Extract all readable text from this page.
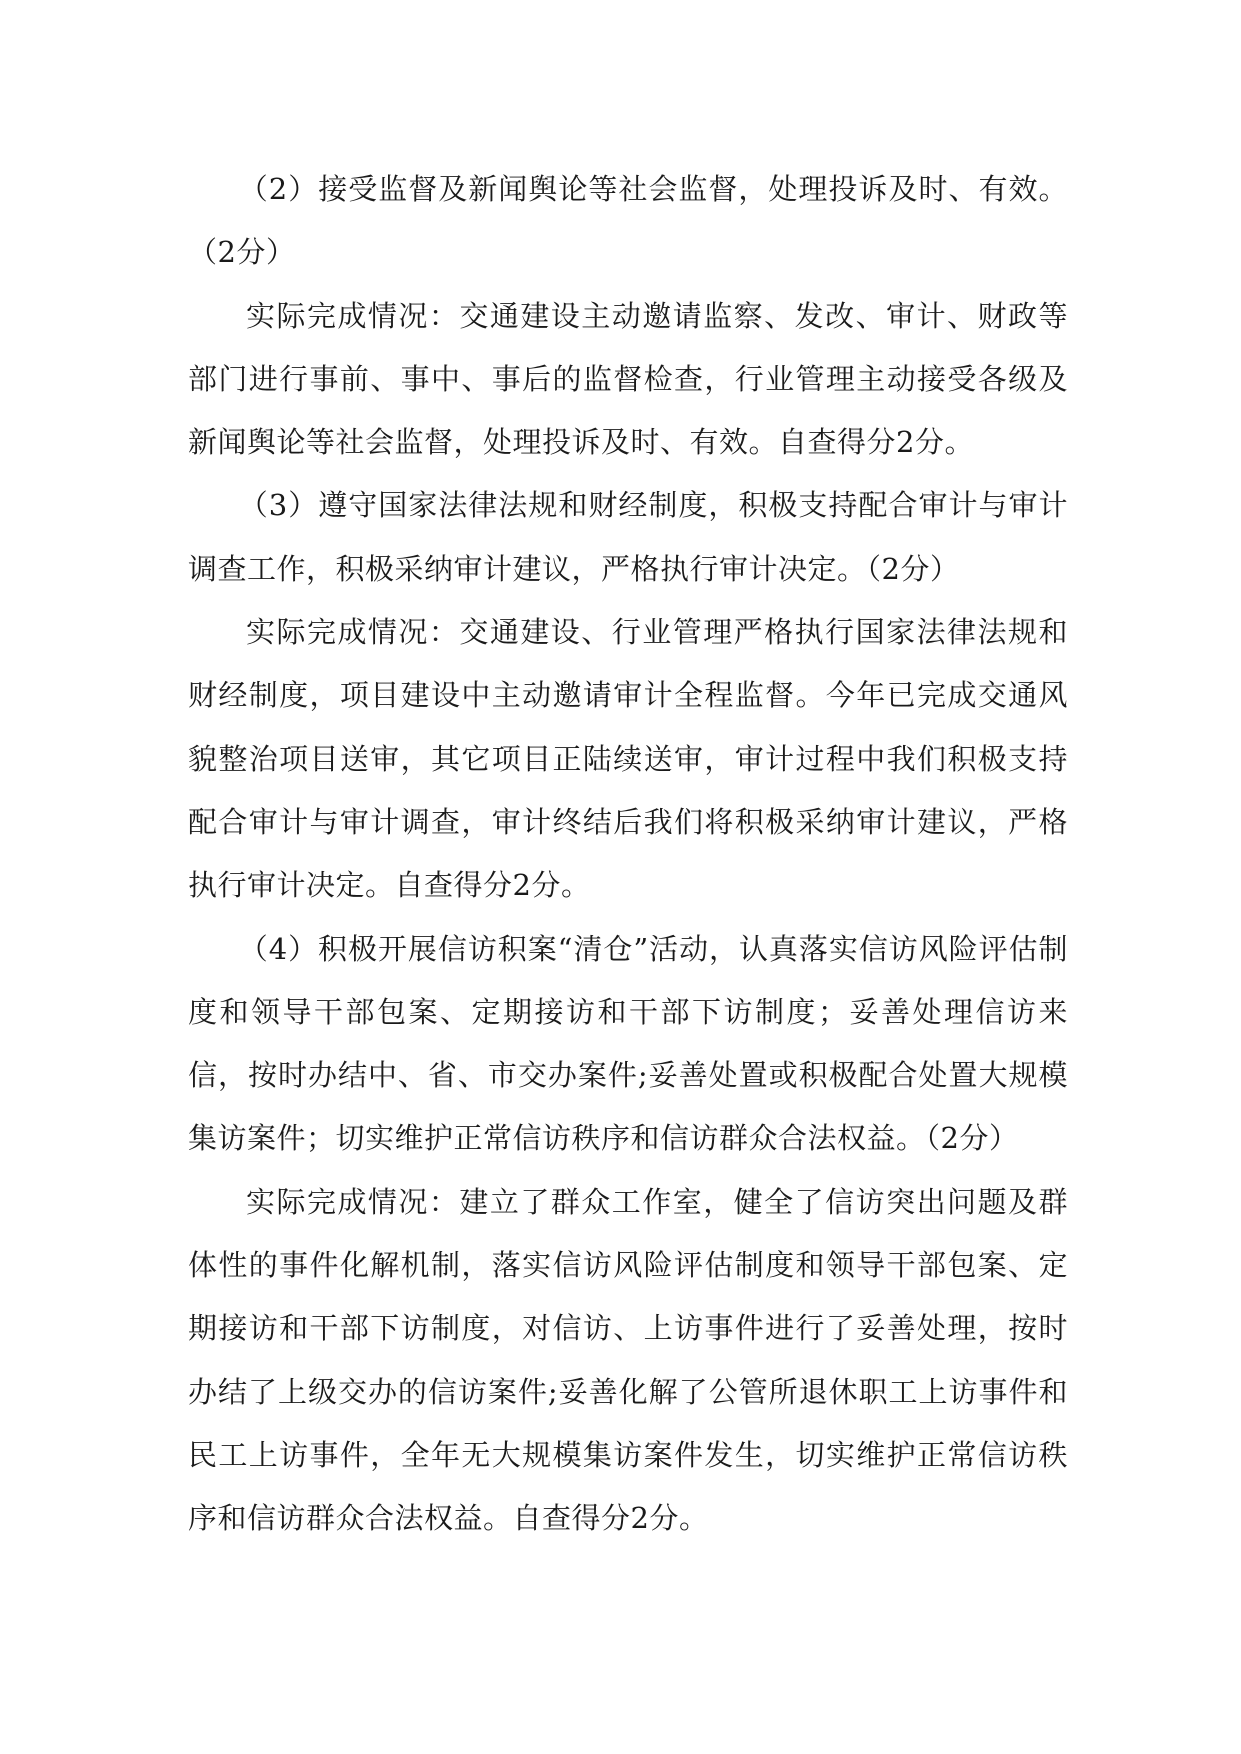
（2）接受监督及新闻舆论等社会监督，处理投诉及时、有效。（2分）

实际完成情况：交通建设主动邀请监察、发改、审计、财政等部门进行事前、事中、事后的监督检查，行业管理主动接受各级及新闻舆论等社会监督，处理投诉及时、有效。自查得分2分。

（3）遵守国家法律法规和财经制度，积极支持配合审计与审计调查工作，积极采纳审计建议，严格执行审计决定。（2分）

实际完成情况：交通建设、行业管理严格执行国家法律法规和财经制度，项目建设中主动邀请审计全程监督。今年已完成交通风貌整治项目送审，其它项目正陆续送审，审计过程中我们积极支持配合审计与审计调查，审计终结后我们将积极采纳审计建议，严格执行审计决定。自查得分2分。

（4）积极开展信访积案“清仓”活动，认真落实信访风险评估制度和领导干部包案、定期接访和干部下访制度；妥善处理信访来信，按时办结中、省、市交办案件;妥善处置或积极配合处置大规模集访案件；切实维护正常信访秩序和信访群众合法权益。（2分）

实际完成情况：建立了群众工作室，健全了信访突出问题及群体性的事件化解机制，落实信访风险评估制度和领导干部包案、定期接访和干部下访制度，对信访、上访事件进行了妥善处理，按时办结了上级交办的信访案件;妥善化解了公管所退休职工上访事件和民工上访事件，全年无大规模集访案件发生，切实维护正常信访秩序和信访群众合法权益。自查得分2分。
